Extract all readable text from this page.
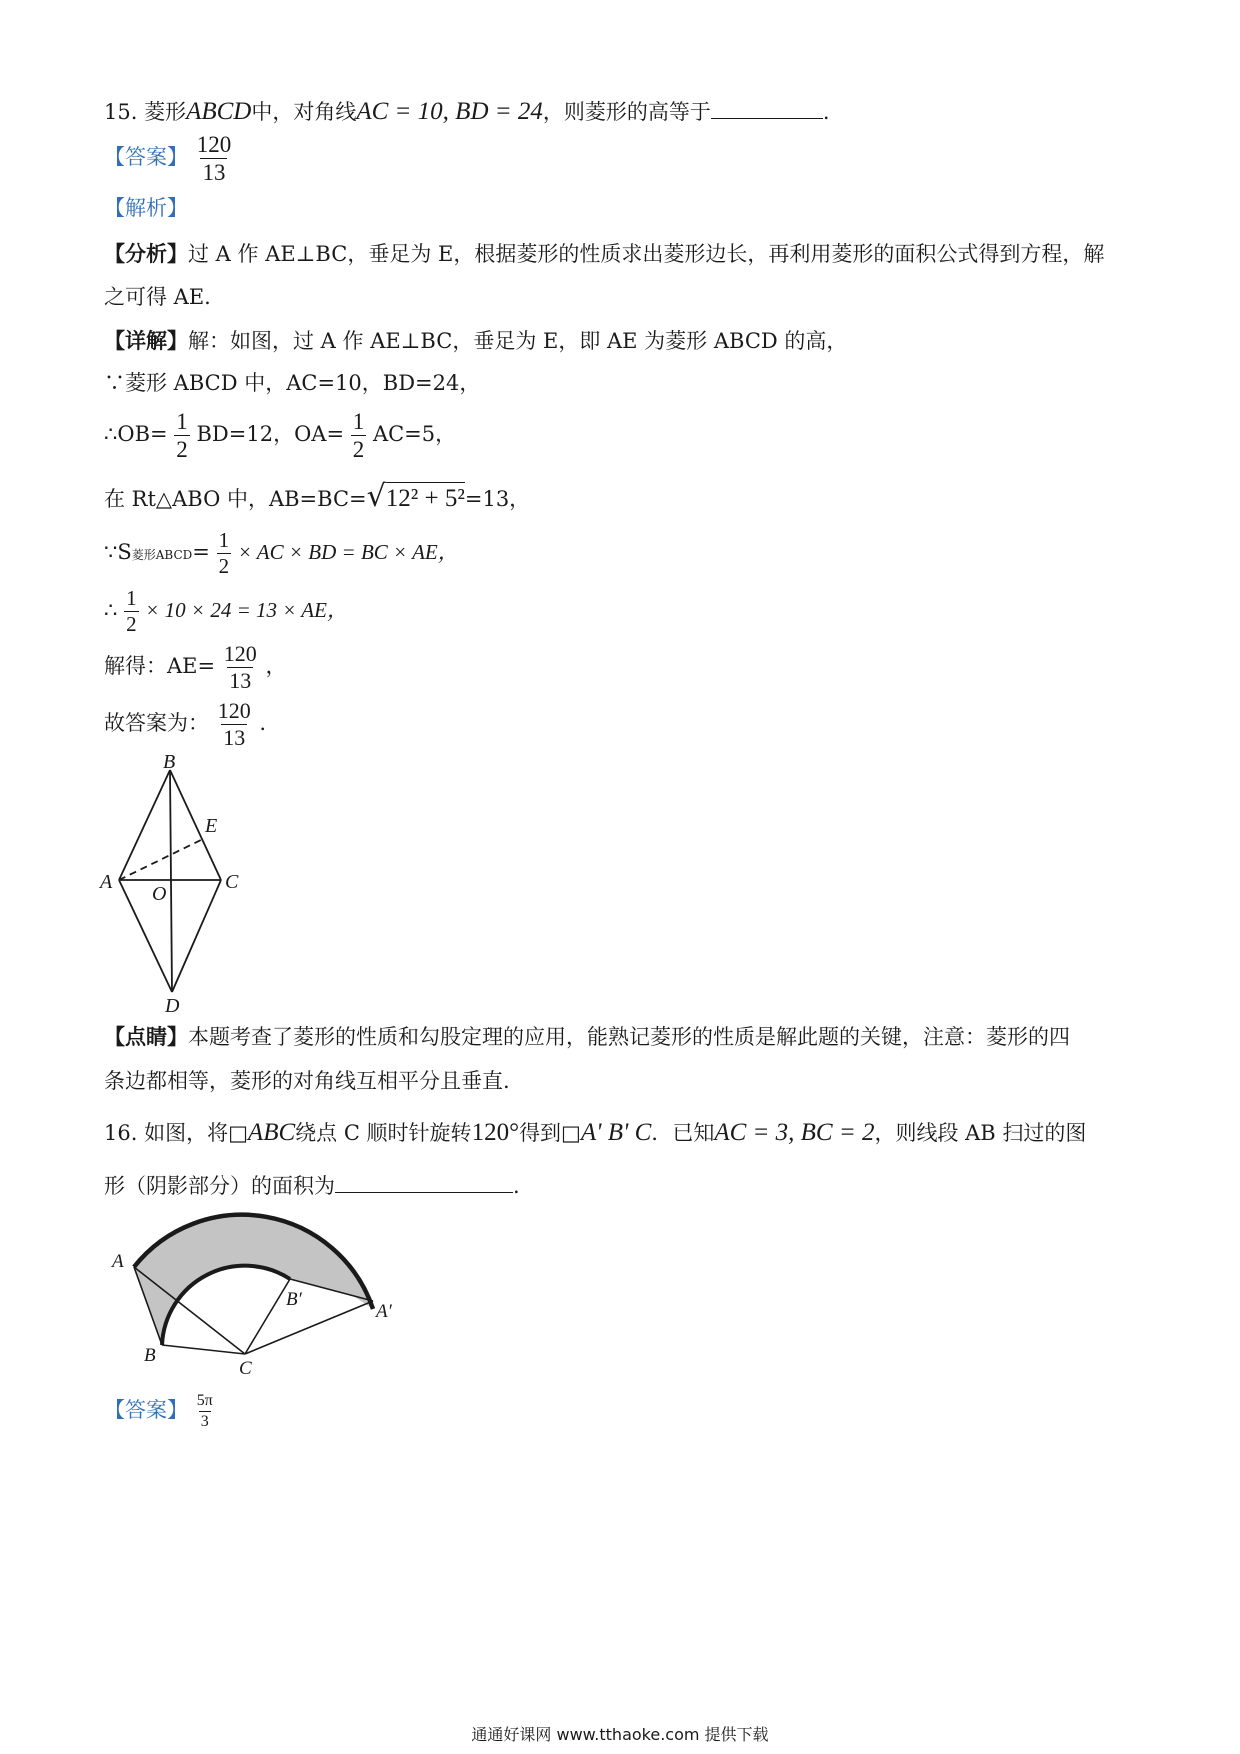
15. 菱形ABCD中，对角线AC = 10, BD = 24，则菱形的高等于	.
【答案】 $\frac{120}{13}$
【解析】
【分析】过 A 作 AE⊥BC，垂足为 E，根据菱形的性质求出菱形边长，再利用菱形的面积公式得到方程，解
之可得 AE.
【详解】解：如图，过 A 作 AE⊥BC，垂足为 E，即 AE 为菱形 ABCD 的高，
∵菱形 ABCD 中，AC=10，BD=24，
∴OB= $\frac{1}{2} BD=12$，$OA= \frac{1}{2} AC=5$，
在 Rt△ABO 中，AB=BC=√12² + 5²=13，
∵S菱形ABCD= $\frac{1}{2}$ × AC × BD = BC × AE，
∴ $\frac{1}{2} \times 10 \times 24 = 13$ × AE，
解得：$AE= \frac{120}{13}$ ，
故答案为： $\frac{120}{13}$ .
B
E
A
O
C
D
【点睛】本题考查了菱形的性质和勾股定理的应用，能熟记菱形的性质是解此题的关键，注意：菱形的四
条边都相等，菱形的对角线互相平分且垂直.
16. 如图，将□ABC绕点 C 顺时针旋转120°得到□A' B' C．已知AC = 3, BC = 2，则线段 AB 扫过的图
形（阴影部分）的面积为	.
A
B
C
B′
A′
【答案】 $\frac{5\pi}{3}$
通通好课网 www.tthaoke.com 提供下载
